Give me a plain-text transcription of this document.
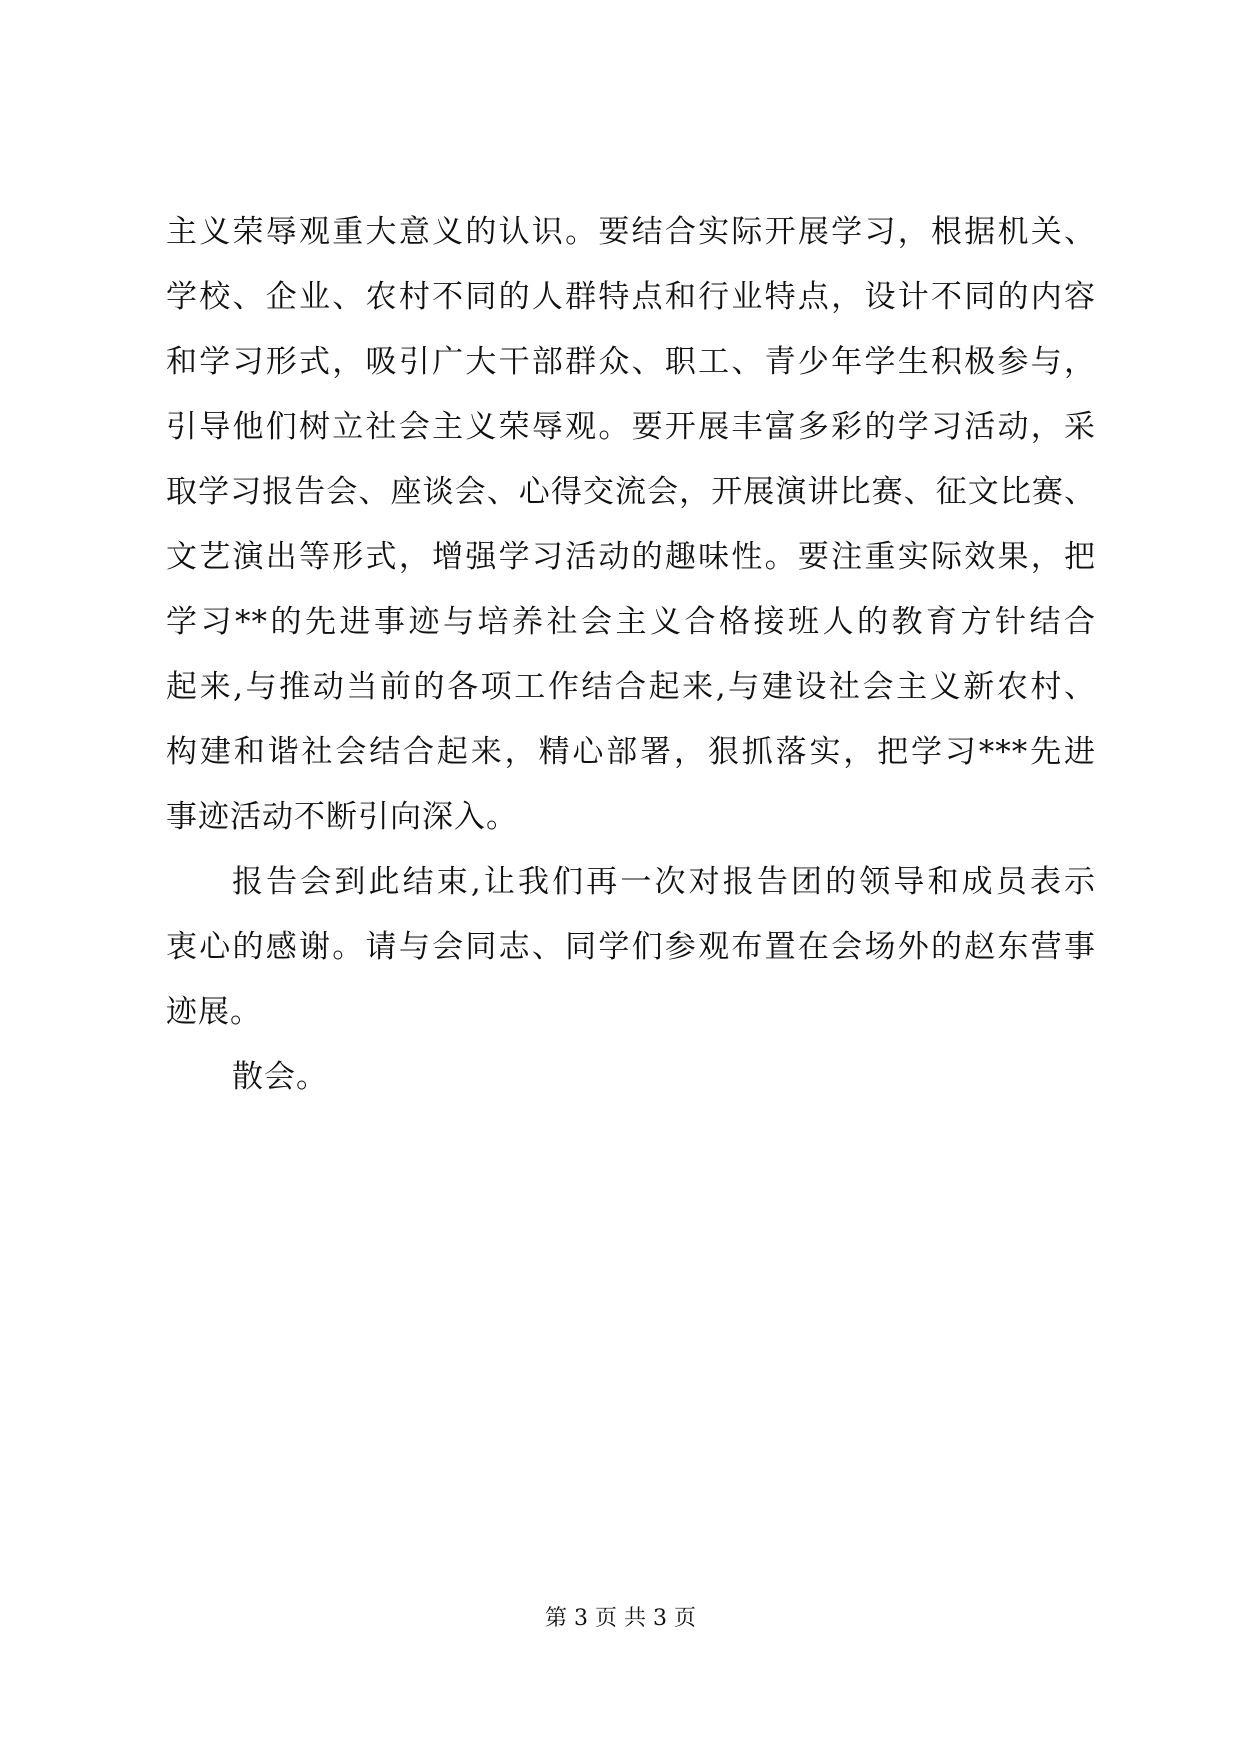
主义荣辱观重大意义的认识。要结合实际开展学习，根据机关、
学校、企业、农村不同的人群特点和行业特点，设计不同的内容
和学习形式，吸引广大干部群众、职工、青少年学生积极参与，
引导他们树立社会主义荣辱观。要开展丰富多彩的学习活动，采
取学习报告会、座谈会、心得交流会，开展演讲比赛、征文比赛、
文艺演出等形式，增强学习活动的趣味性。要注重实际效果，把
学习**的先进事迹与培养社会主义合格接班人的教育方针结合
起来,与推动当前的各项工作结合起来,与建设社会主义新农村、
构建和谐社会结合起来，精心部署，狠抓落实，把学习***先进
事迹活动不断引向深入。
报告会到此结束,让我们再一次对报告团的领导和成员表示
衷心的感谢。请与会同志、同学们参观布置在会场外的赵东营事
迹展。
散会。
第 3 页 共 3 页
